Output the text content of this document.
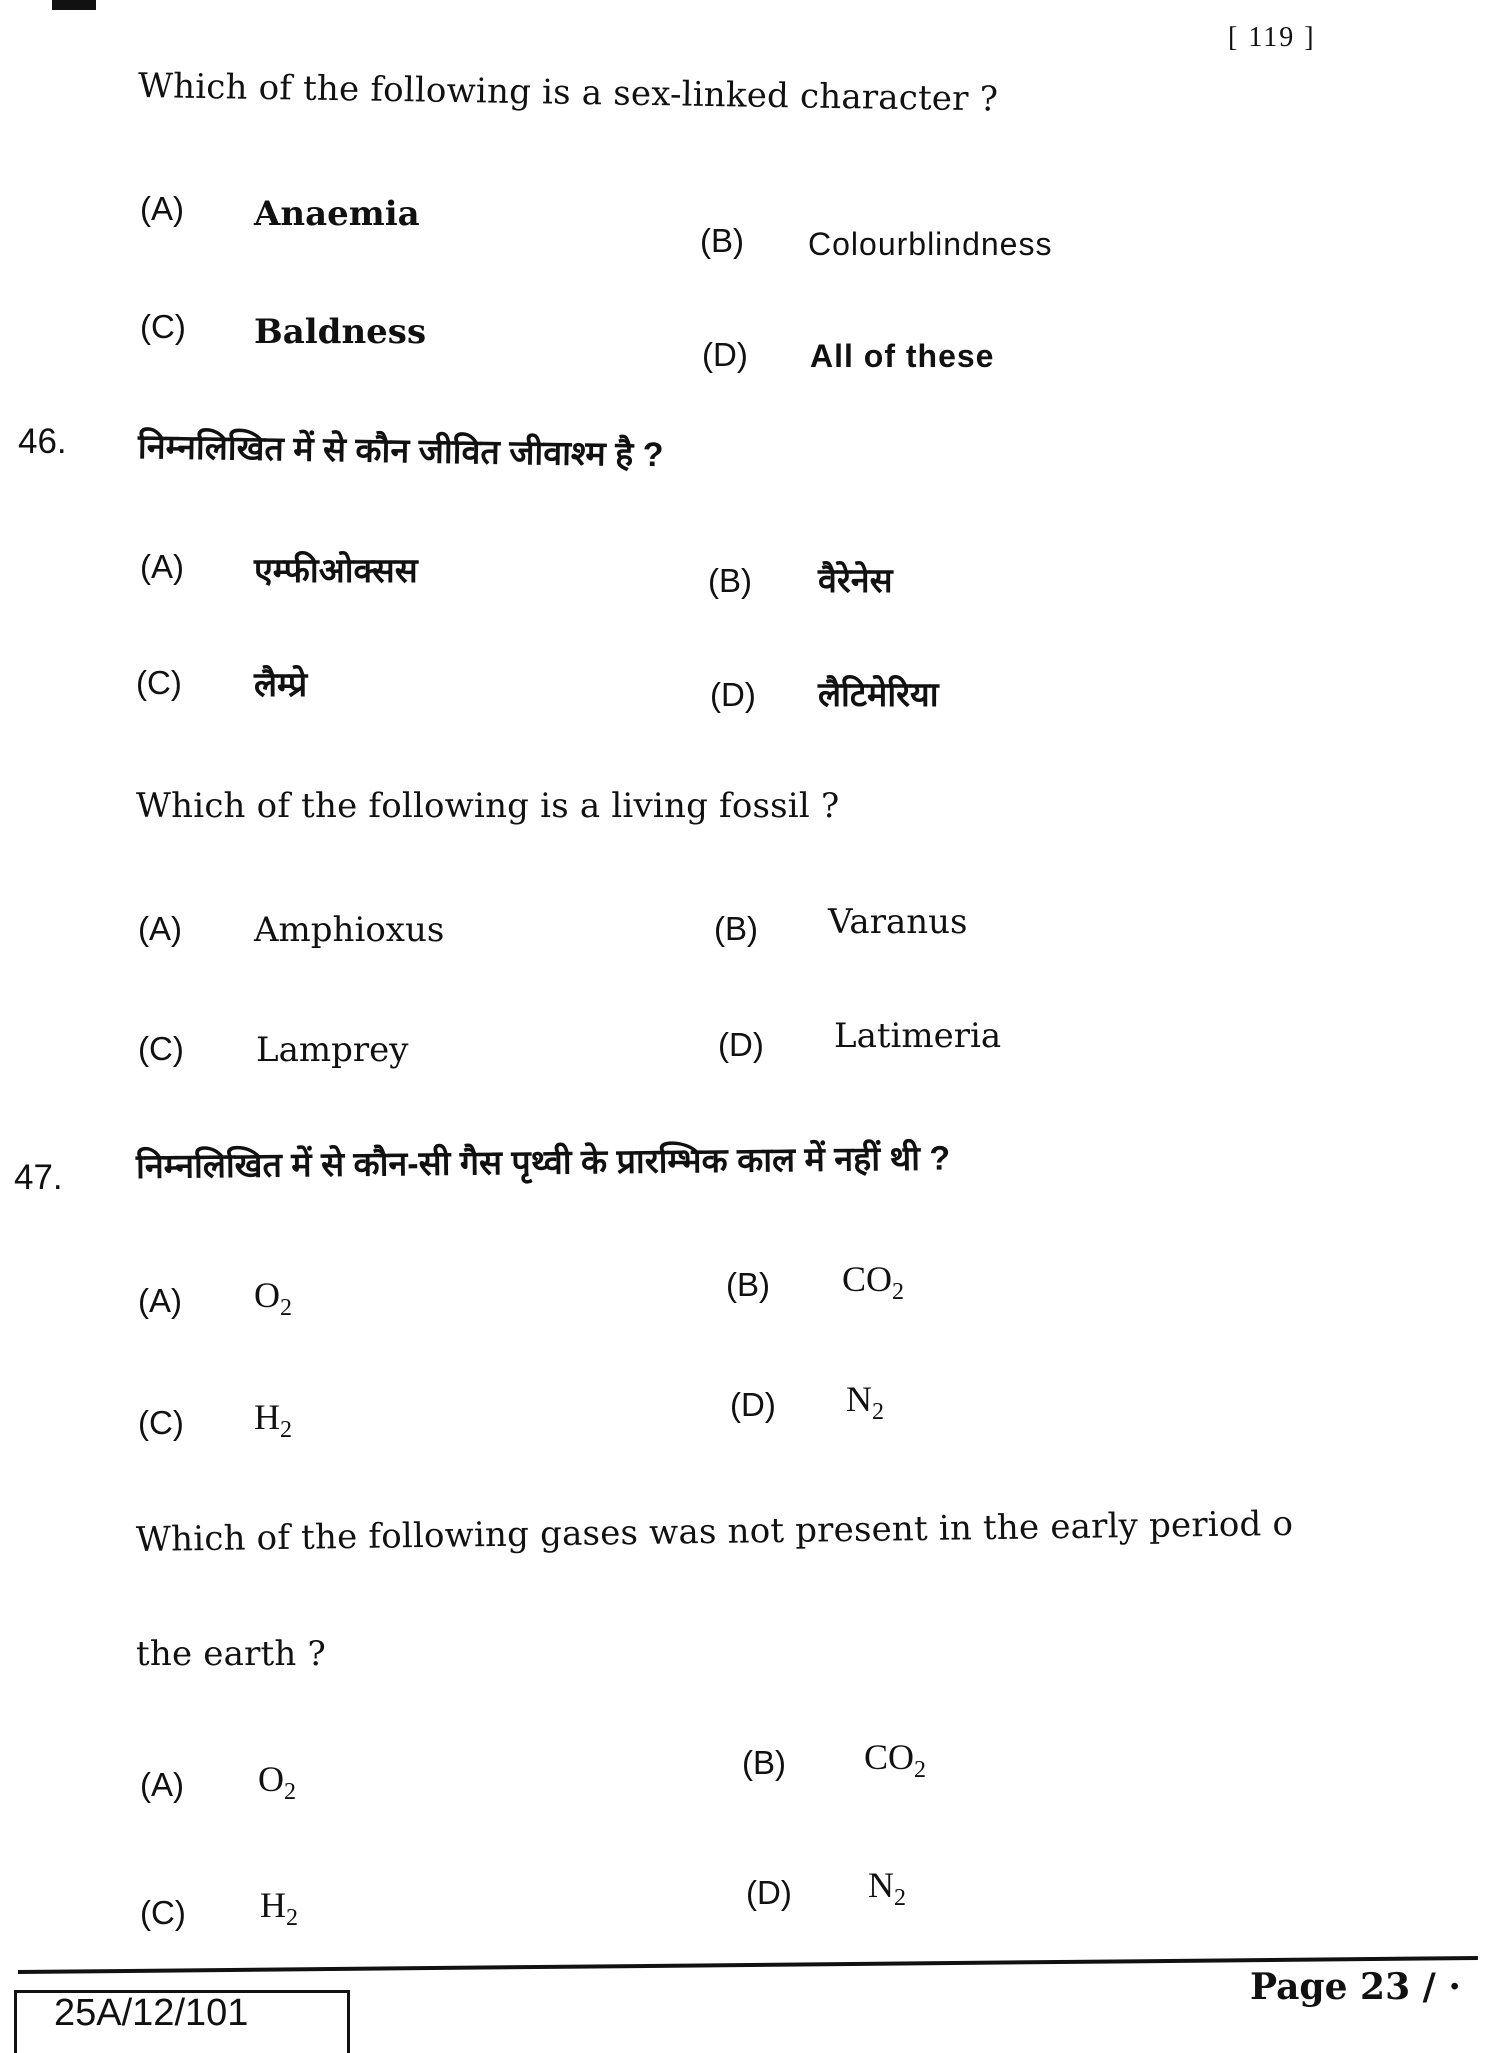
[ 119 ]
Which of the following is a sex-linked character ?
(A) Anaemia
(B) Colourblindness
(C) Baldness
(D) All of these
46. निम्नलिखित में से कौन जीवित जीवाश्म है ?
(A) एम्फीओक्सस	(B) वैरेनेस
(C) लैम्प्रे	(D) लैटिमेरिया
Which of the following is a living fossil ?
(A) Amphioxus	(B) Varanus
(C) Lamprey	(D) Latimeria
47. निम्नलिखित में से कौन-सी गैस पृथ्वी के प्रारम्भिक काल में नहीं थी ?
(A) $O_2$
(B) $CO_2$
(C) $H_2$
(D) $N_2$
Which of the following gases was not present in the early period o
the earth ?
(A) $O_2$
(B) $CO_2$
(C) $H_2$
(D) $N_2$
25A/12/101
Page 23 / ·
